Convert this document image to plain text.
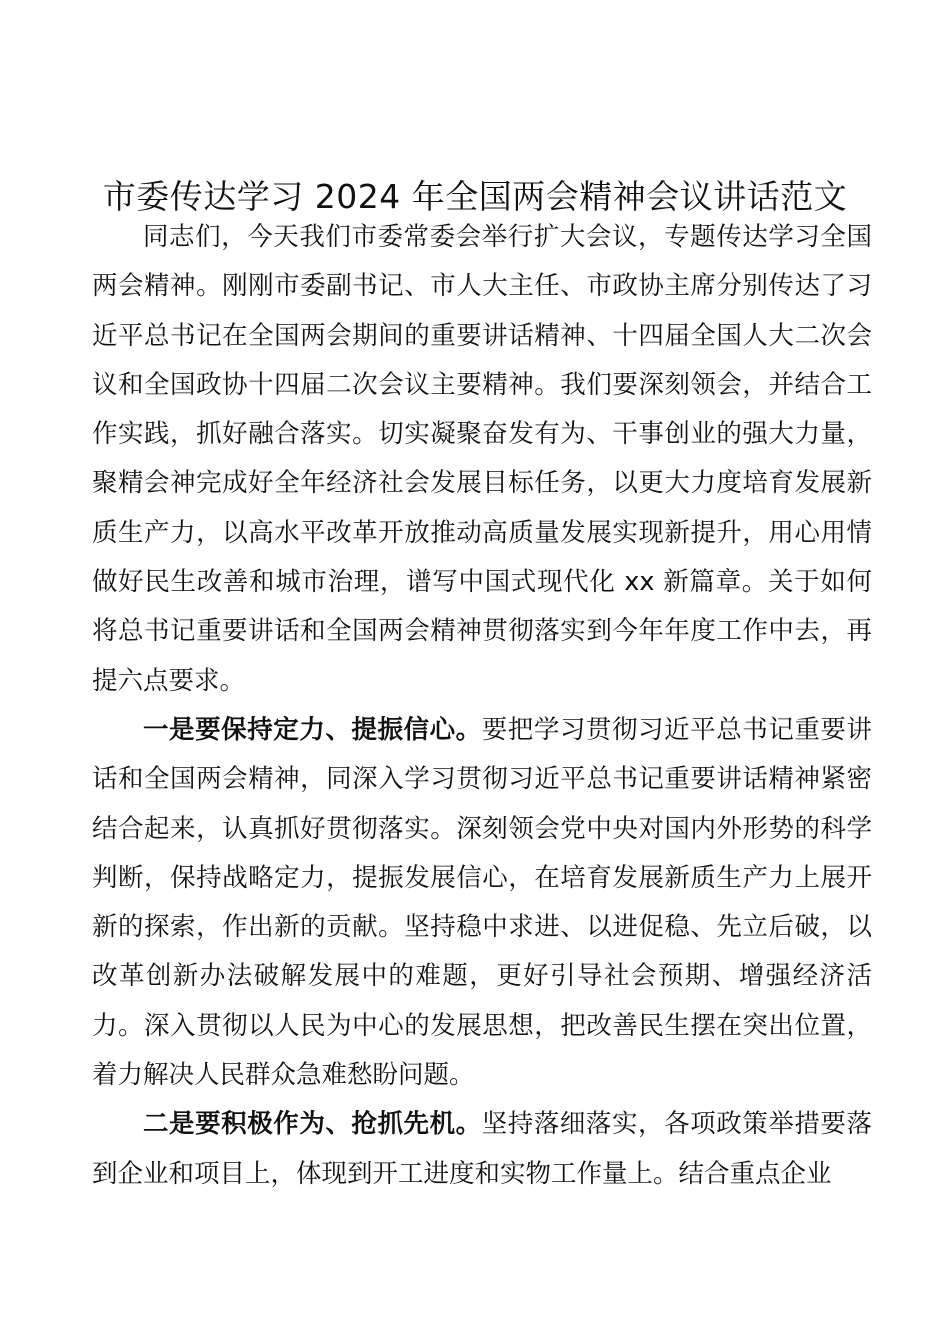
市委传达学习 2024 年全国两会精神会议讲话范文

同志们，今天我们市委常委会举行扩大会议，专题传达学习全国两会精神。刚刚市委副书记、市人大主任、市政协主席分别传达了习近平总书记在全国两会期间的重要讲话精神、十四届全国人大二次会议和全国政协十四届二次会议主要精神。我们要深刻领会，并结合工作实践，抓好融合落实。切实凝聚奋发有为、干事创业的强大力量，聚精会神完成好全年经济社会发展目标任务，以更大力度培育发展新质生产力，以高水平改革开放推动高质量发展实现新提升，用心用情做好民生改善和城市治理，谱写中国式现代化 xx 新篇章。关于如何将总书记重要讲话和全国两会精神贯彻落实到今年年度工作中去，再提六点要求。

一是要保持定力、提振信心。要把学习贯彻习近平总书记重要讲话和全国两会精神，同深入学习贯彻习近平总书记重要讲话精神紧密结合起来，认真抓好贯彻落实。深刻领会党中央对国内外形势的科学判断，保持战略定力，提振发展信心，在培育发展新质生产力上展开新的探索，作出新的贡献。坚持稳中求进、以进促稳、先立后破，以改革创新办法破解发展中的难题，更好引导社会预期、增强经济活力。深入贯彻以人民为中心的发展思想，把改善民生摆在突出位置，着力解决人民群众急难愁盼问题。

二是要积极作为、抢抓先机。坚持落细落实，各项政策举措要落到企业和项目上，体现到开工进度和实物工作量上。结合重点企业
